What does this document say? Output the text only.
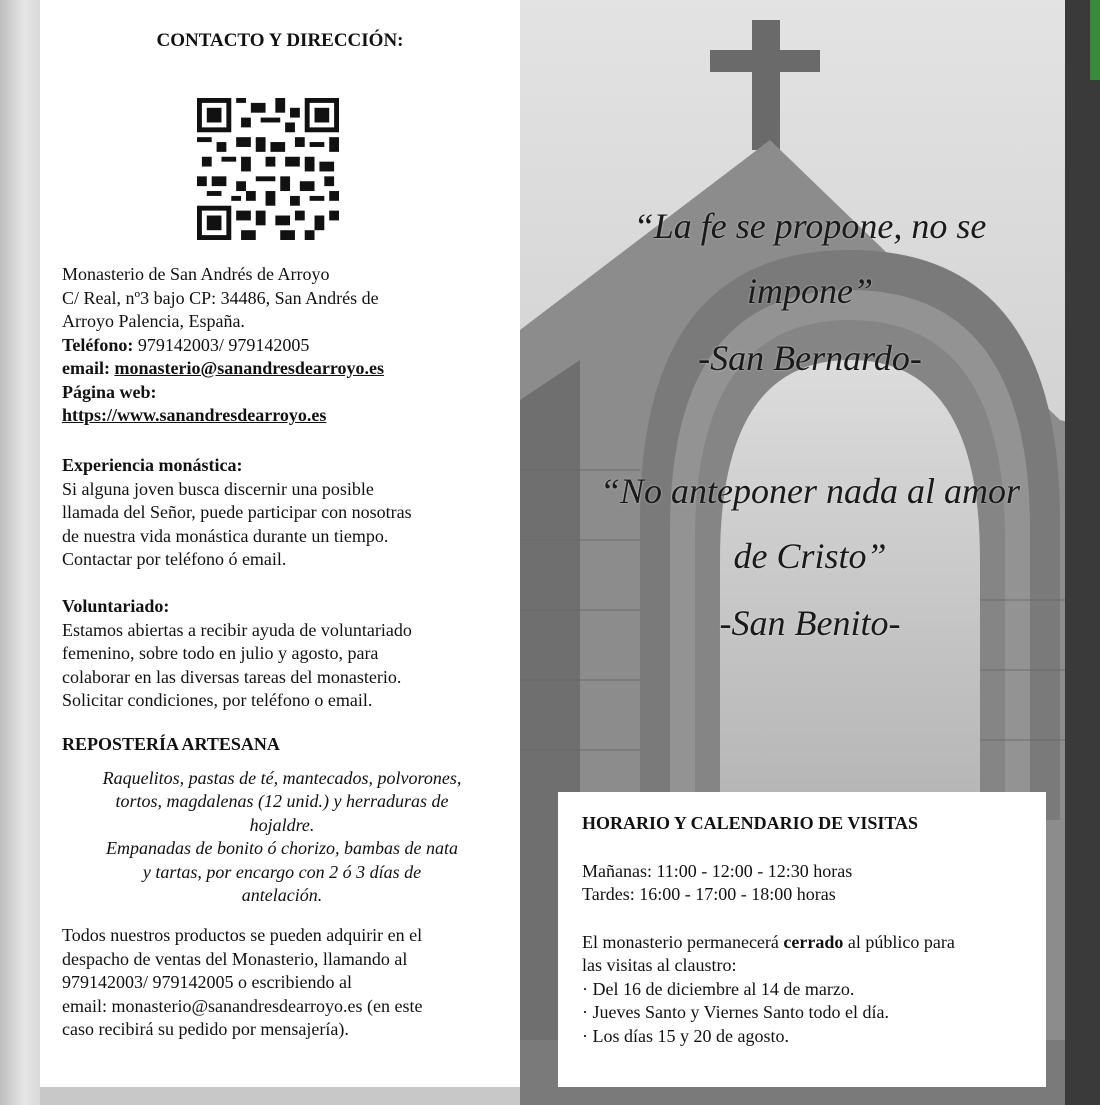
“La fe se propone, no se
impone”
-San Bernardo-
“No anteponer nada al amor
de Cristo”
-San Benito-
CONTACTO Y DIRECCIÓN:
Monasterio de San Andrés de Arroyo
C/ Real, nº3 bajo CP: 34486, San Andrés de
Arroyo Palencia, España.
Teléfono: 979142003/ 979142005
email: monasterio@sanandresdearroyo.es
Página web:
https://www.sanandresdearroyo.es
Experiencia monástica:
Si alguna joven busca discernir una posible
llamada del Señor, puede participar con nosotras
de nuestra vida monástica durante un tiempo.
Contactar por teléfono ó email.
Voluntariado:
Estamos abiertas a recibir ayuda de voluntariado
femenino, sobre todo en julio y agosto, para
colaborar en las diversas tareas del monasterio.
Solicitar condiciones, por teléfono o email.
REPOSTERÍA ARTESANA
Raquelitos, pastas de té, mantecados, polvorones,
tortos, magdalenas (12 unid.) y herraduras de
hojaldre.
Empanadas de bonito ó chorizo, bambas de nata
y tartas, por encargo con 2 ó 3 días de
antelación.
Todos nuestros productos se pueden adquirir en el
despacho de ventas del Monasterio, llamando al
979142003/ 979142005 o escribiendo al
email: monasterio@sanandresdearroyo.es (en este
caso recibirá su pedido por mensajería).
HORARIO Y CALENDARIO DE VISITAS
Mañanas: 11:00 - 12:00 - 12:30 horas
Tardes: 16:00 - 17:00 - 18:00 horas
El monasterio permanecerá cerrado al público para
las visitas al claustro:
· Del 16 de diciembre al 14 de marzo.
· Jueves Santo y Viernes Santo todo el día.
· Los días 15 y 20 de agosto.
